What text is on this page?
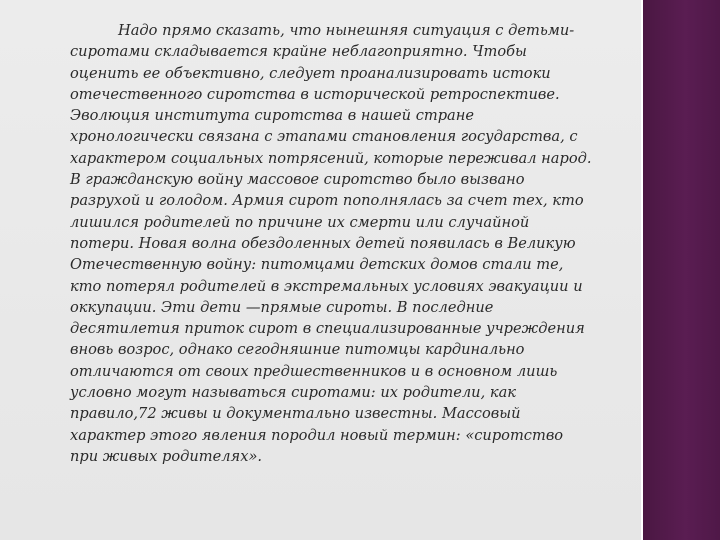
Надо прямо сказать, что нынешняя ситуация с детьми-
сиротами складывается крайне неблагоприятно. Чтобы
оценить ее объективно, следует проанализировать истоки
отечественного сиротства в исторической ретроспективе.
Эволюция института сиротства в нашей стране
хронологически связана с этапами становления государства, с
характером социальных потрясений, которые переживал народ.
В гражданскую войну массовое сиротство было вызвано
разрухой и голодом. Армия сирот пополнялась за счет тех, кто
лишился родителей по причине их смерти или случайной
потери. Новая волна обездоленных детей появилась в Великую
Отечественную войну: питомцами детских домов стали те,
кто потерял родителей в экстремальных условиях эвакуации и
оккупации. Эти дети —прямые сироты. В последние
десятилетия приток сирот в специализированные учреждения
вновь возрос, однако сегодняшние питомцы кардинально
отличаются от своих предшественников и в основном лишь
условно могут называться сиротами: их родители, как
правило,72 живы и документально известны. Массовый
характер этого явления породил новый термин: «сиротство
при живых родителях».
